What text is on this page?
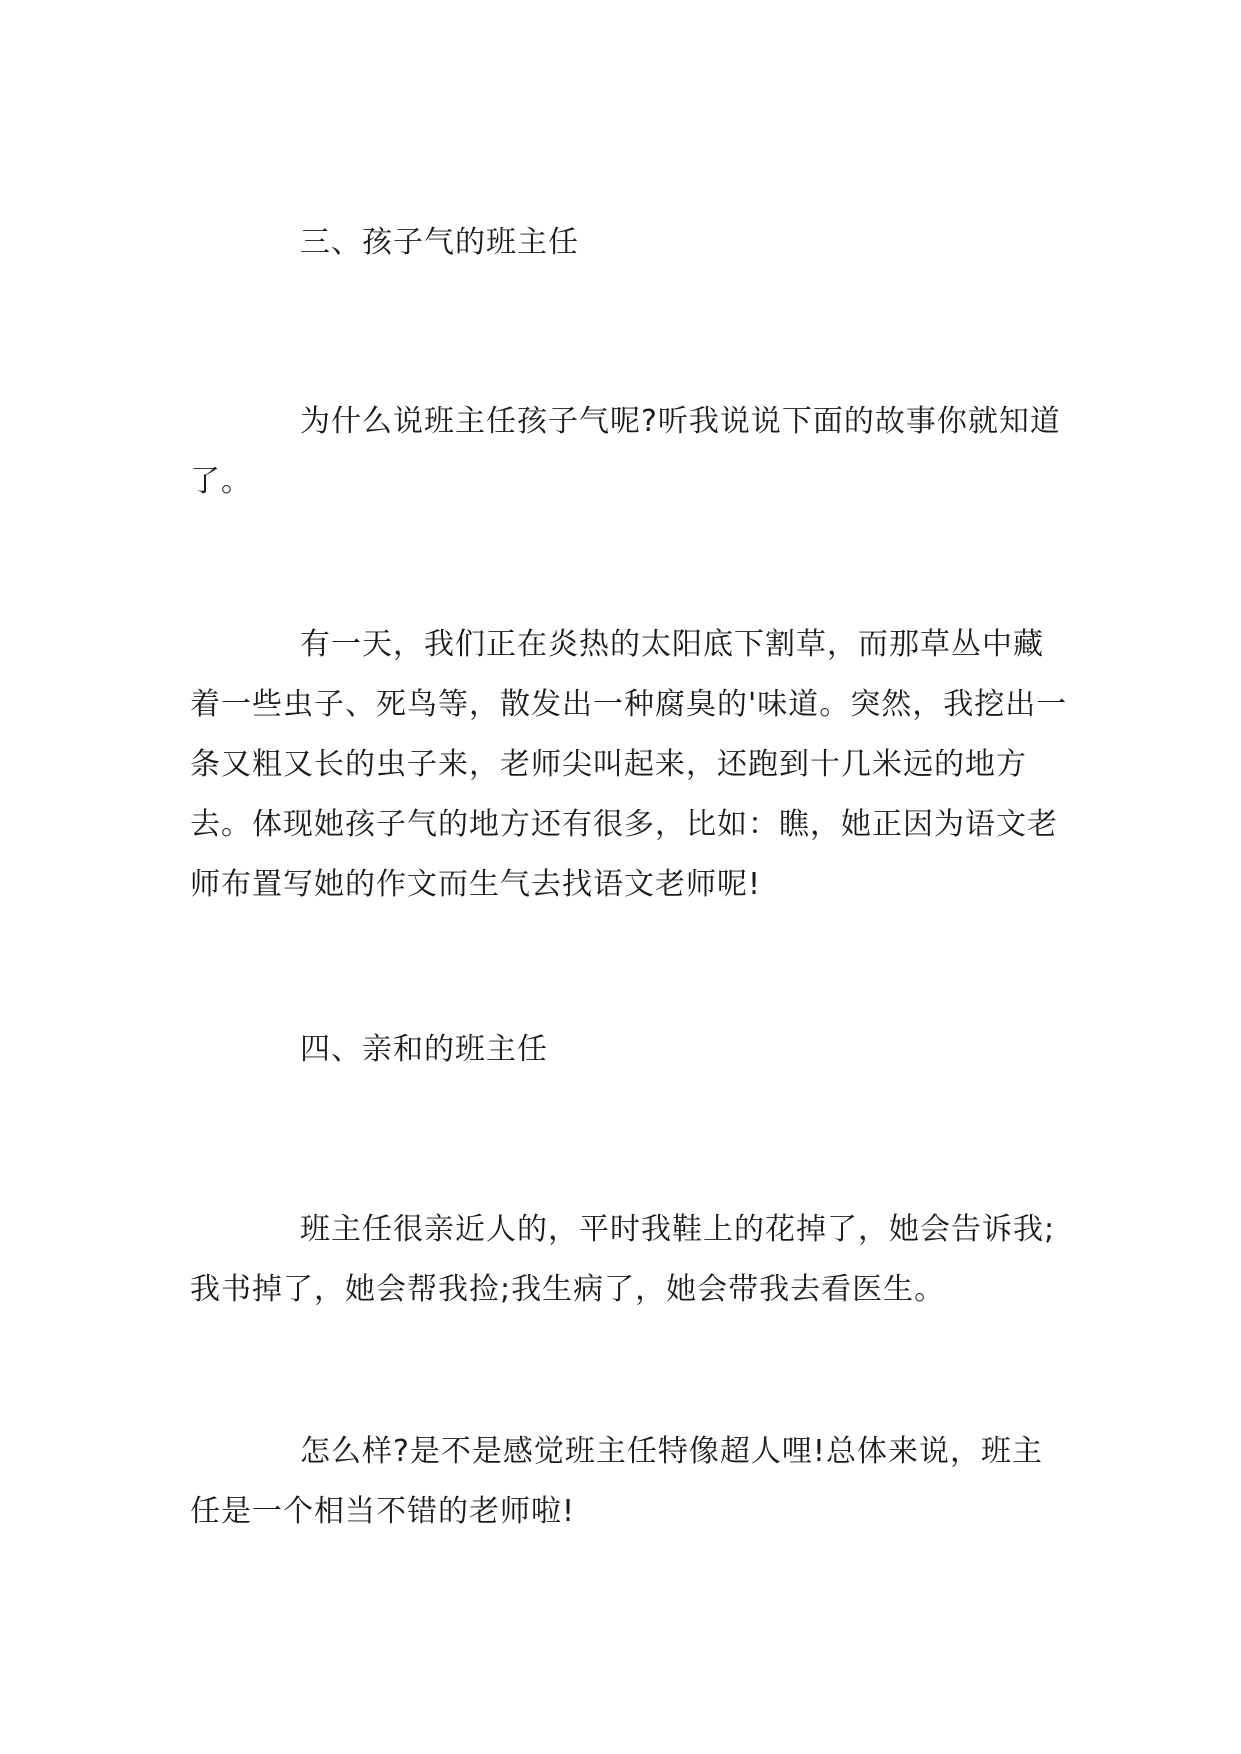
三、孩子气的班主任
为什么说班主任孩子气呢?听我说说下面的故事你就知道了。
有一天，我们正在炎热的太阳底下割草，而那草丛中藏着一些虫子、死鸟等，散发出一种腐臭的'味道。突然，我挖出一条又粗又长的虫子来，老师尖叫起来，还跑到十几米远的地方去。体现她孩子气的地方还有很多，比如：瞧，她正因为语文老师布置写她的作文而生气去找语文老师呢!
四、亲和的班主任
班主任很亲近人的，平时我鞋上的花掉了，她会告诉我;我书掉了，她会帮我捡;我生病了，她会带我去看医生。
怎么样?是不是感觉班主任特像超人哩!总体来说，班主任是一个相当不错的老师啦!
